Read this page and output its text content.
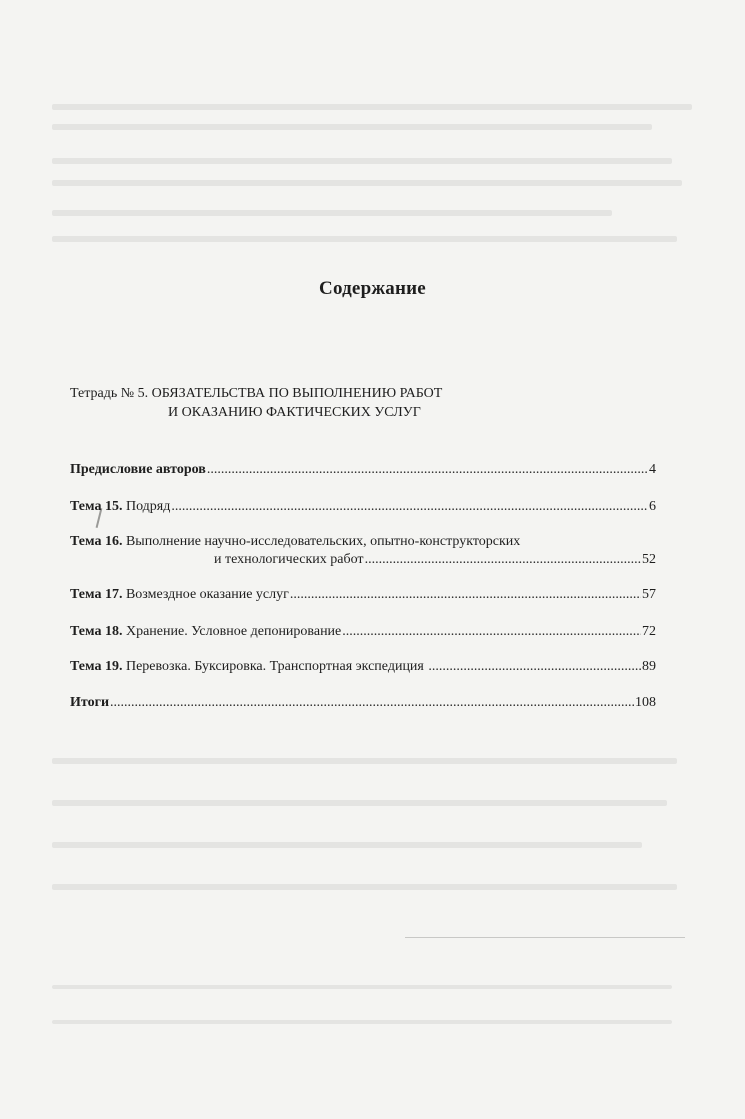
Содержание
Тетрадь № 5. ОБЯЗАТЕЛЬСТВА ПО ВЫПОЛНЕНИЮ РАБОТ
И ОКАЗАНИЮ ФАКТИЧЕСКИХ УСЛУГ
Предисловие авторов .....	4
Тема 15. Подряд .....	6
Тема 16. Выполнение научно-исследовательских, опытно-конструкторских
и технологических работ .....	52
Тема 17. Возмездное оказание услуг .....	57
Тема 18. Хранение. Условное депонирование .....	72
Тема 19. Перевозка. Буксировка. Транспортная экспедиция .....	89
Итоги .....	108
